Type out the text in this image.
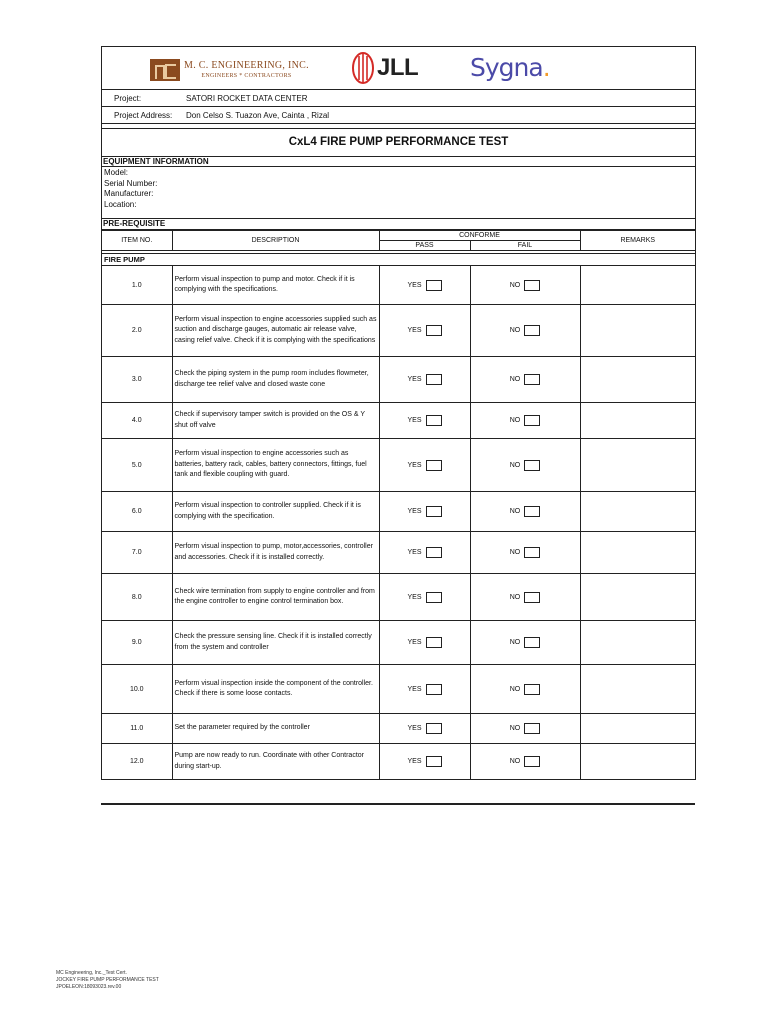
M. C. ENGINEERING, INC.
ENGINEERS * CONTRACTORS	JLL Sygna.
Project:	SATORI ROCKET DATA CENTER
Project Address:	Don Celso S. Tuazon Ave, Cainta , Rizal
CxL4 FIRE PUMP PERFORMANCE TEST
EQUIPMENT INFORMATION
Model:
Serial Number:
Manufacturer:
Location:
PRE-REQUISITE
ITEM NO.	DESCRIPTION	CONFORME		REMARKS
		PASS	FAIL	

FIRE PUMP				
1.0	Perform visual inspection to pump and motor. Check if it is complying with the specifications.	YES	NO	
2.0	Perform visual inspection to engine accessories supplied such as suction and discharge gauges, automatic air release valve, casing relief valve. Check if it is complying with the specifications	YES	NO	
3.0	Check the piping system in the pump room includes flowmeter, discharge tee relief valve and closed waste cone	YES	NO	
4.0	Check if supervisory tamper switch is provided on the OS & Y shut off valve	YES	NO	
5.0	Perform visual inspection to engine accessories such as batteries, battery rack, cables, battery connectors, fittings, fuel tank and flexible coupling with guard.	YES	NO	
6.0	Perform visual inspection to controller supplied. Check if it is complying with the specification.	YES	NO	
7.0	Perform visual inspection to pump, motor,accessories, controller and accessories. Check if it is installed correctly.	YES	NO	
8.0	Check wire termination from supply to engine controller and from the engine controller to engine control termination box.	YES	NO	
9.0	Check the pressure sensing line. Check if it is installed correctly from the system and controller	YES	NO	
10.0	Perform visual inspection inside the component of the controller. Check if there is some loose contacts.	YES	NO	
11.0	Set the parameter required by the controller	YES	NO	
12.0	Pump are now ready to run. Coordinate with other Contractor during start-up.	YES	NO	
MC Engineering, Inc._Test Cert.
JOCKEY FIRE PUMP PERFORMANCE TEST
JPOELEON:18093023.rev.00
